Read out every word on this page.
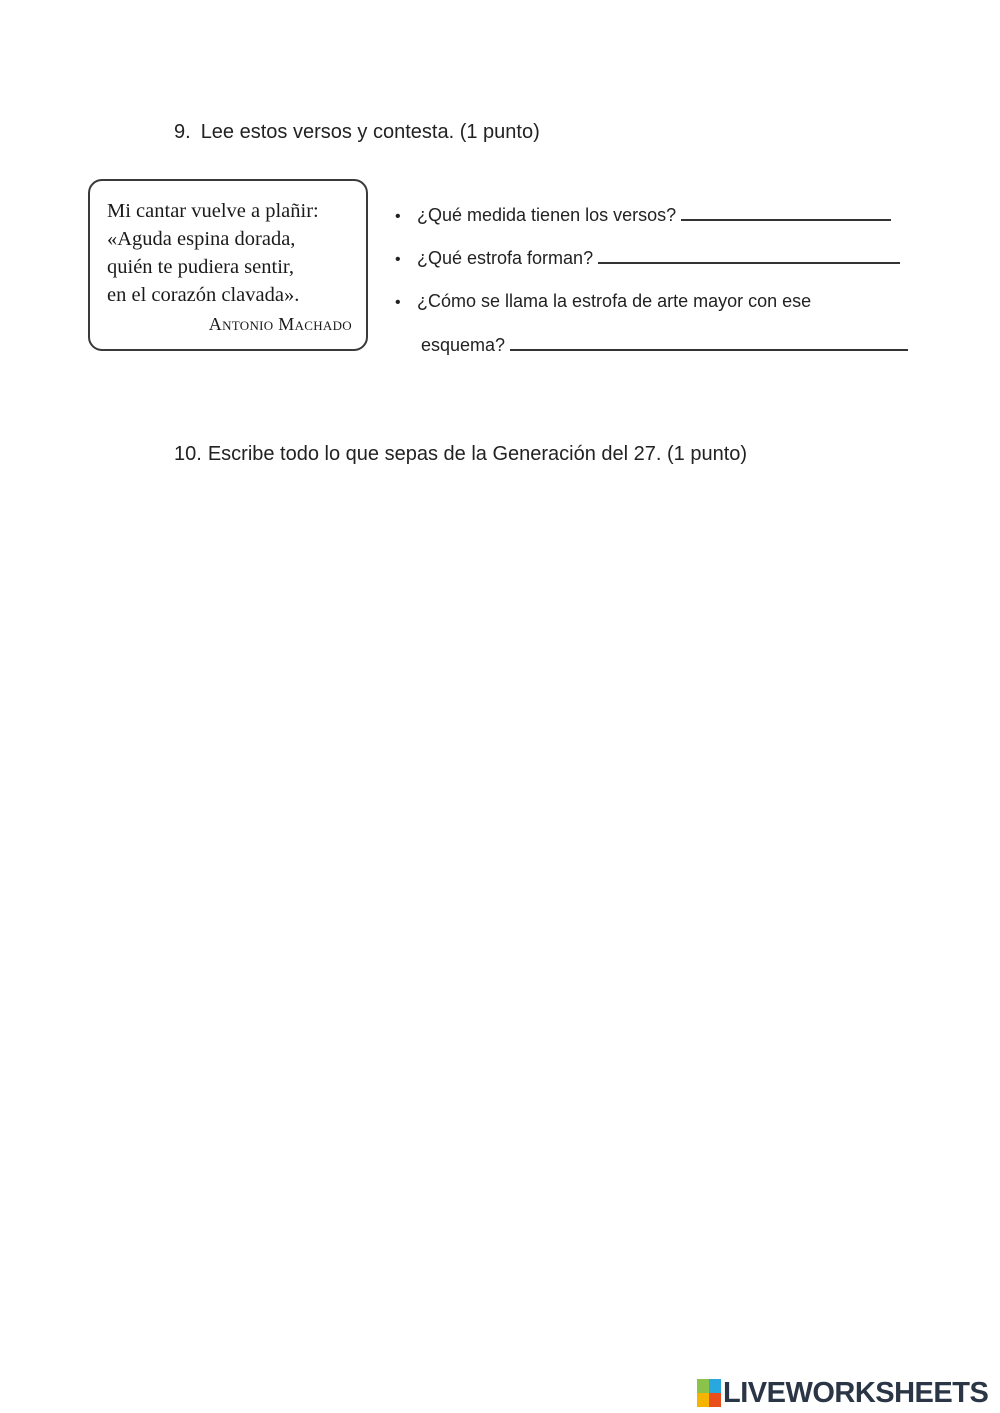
9. Lee estos versos y contesta. (1 punto)
Mi cantar vuelve a plañir:
«Aguda espina dorada,
quién te pudiera sentir,
en el corazón clavada».
Antonio Machado
• ¿Qué medida tienen los versos?
• ¿Qué estrofa forman?
• ¿Cómo se llama la estrofa de arte mayor con ese
esquema?
10. Escribe todo lo que sepas de la Generación del 27. (1 punto)
LIVEWORKSHEETS
